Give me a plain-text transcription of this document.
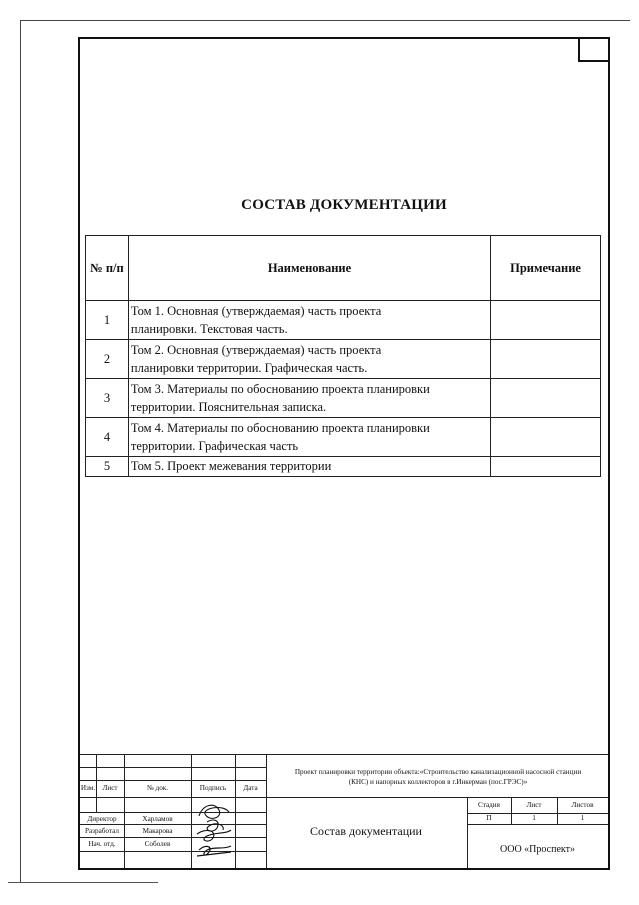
СОСТАВ ДОКУМЕНТАЦИИ
№ п/п	Наименование	Примечание
1	Том 1. Основная (утверждаемая) часть проекта
планировки. Текстовая часть.	
2	Том 2. Основная (утверждаемая) часть проекта
планировки территории. Графическая часть.	
3	Том 3. Материалы по обоснованию проекта планировки
территории. Пояснительная записка.	
4	Том 4. Материалы по обоснованию проекта планировки
территории. Графическая часть	
5	Том 5. Проект межевания территории	
Изм.	Лист	№ док.	Подпись	Дата
Директор	Харламов
Разработал	Макарова
Нач. отд.	Соболев
Проект планировки территории объекта:«Строительство канализационной насосной станции
(КНС) и напорных коллекторов в г.Инкерман (пос.ГРЭС)»
Состав документации
Стадия	Лист	Листов
П	1	1
ООО «Проспект»
